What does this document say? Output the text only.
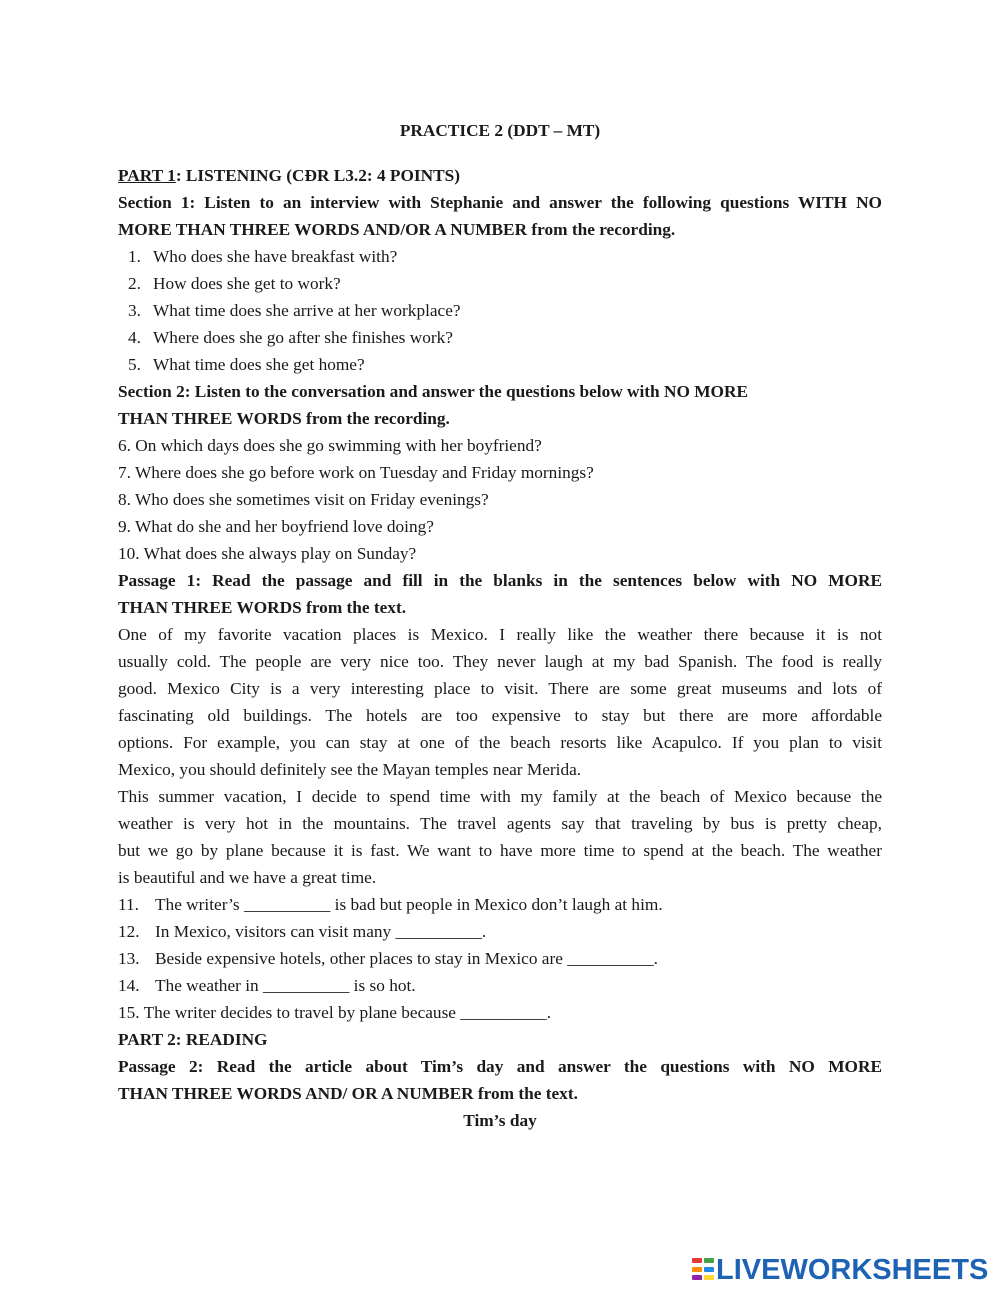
PRACTICE 2 (DDT – MT)

PART 1: LISTENING (CĐR L3.2: 4 POINTS)

Section 1: Listen to an interview with Stephanie and answer the following questions WITH NO

MORE THAN THREE WORDS AND/OR A NUMBER from the recording.

1. Who does she have breakfast with?

2. How does she get to work?

3. What time does she arrive at her workplace?

4. Where does she go after she finishes work?

5. What time does she get home?

Section 2: Listen to the conversation and answer the questions below with NO MORE

THAN THREE WORDS from the recording.

6. On which days does she go swimming with her boyfriend?

7. Where does she go before work on Tuesday and Friday mornings?

8. Who does she sometimes visit on Friday evenings?

9. What do she and her boyfriend love doing?

10. What does she always play on Sunday?

Passage 1: Read the passage and fill in the blanks in the sentences below with NO MORE

THAN THREE WORDS from the text.

One of my favorite vacation places is Mexico. I really like the weather there because it is not

usually cold. The people are very nice too. They never laugh at my bad Spanish. The food is really

good. Mexico City is a very interesting place to visit. There are some great museums and lots of

fascinating old buildings. The hotels are too expensive to stay but there are more affordable

options. For example, you can stay at one of the beach resorts like Acapulco. If you plan to visit

Mexico, you should definitely see the Mayan temples near Merida.

This summer vacation, I decide to spend time with my family at the beach of Mexico because the

weather is very hot in the mountains. The travel agents say that traveling by bus is pretty cheap,

but we go by plane because it is fast. We want to have more time to spend at the beach. The weather

is beautiful and we have a great time.

11. The writer’s __________ is bad but people in Mexico don’t laugh at him.

12. In Mexico, visitors can visit many __________.

13. Beside expensive hotels, other places to stay in Mexico are __________.

14. The weather in __________ is so hot.

15. The writer decides to travel by plane because __________.

PART 2: READING

Passage 2: Read the article about Tim’s day and answer the questions with NO MORE

THAN THREE WORDS AND/ OR A NUMBER from the text.

Tim’s day

LIVEWORKSHEETS
